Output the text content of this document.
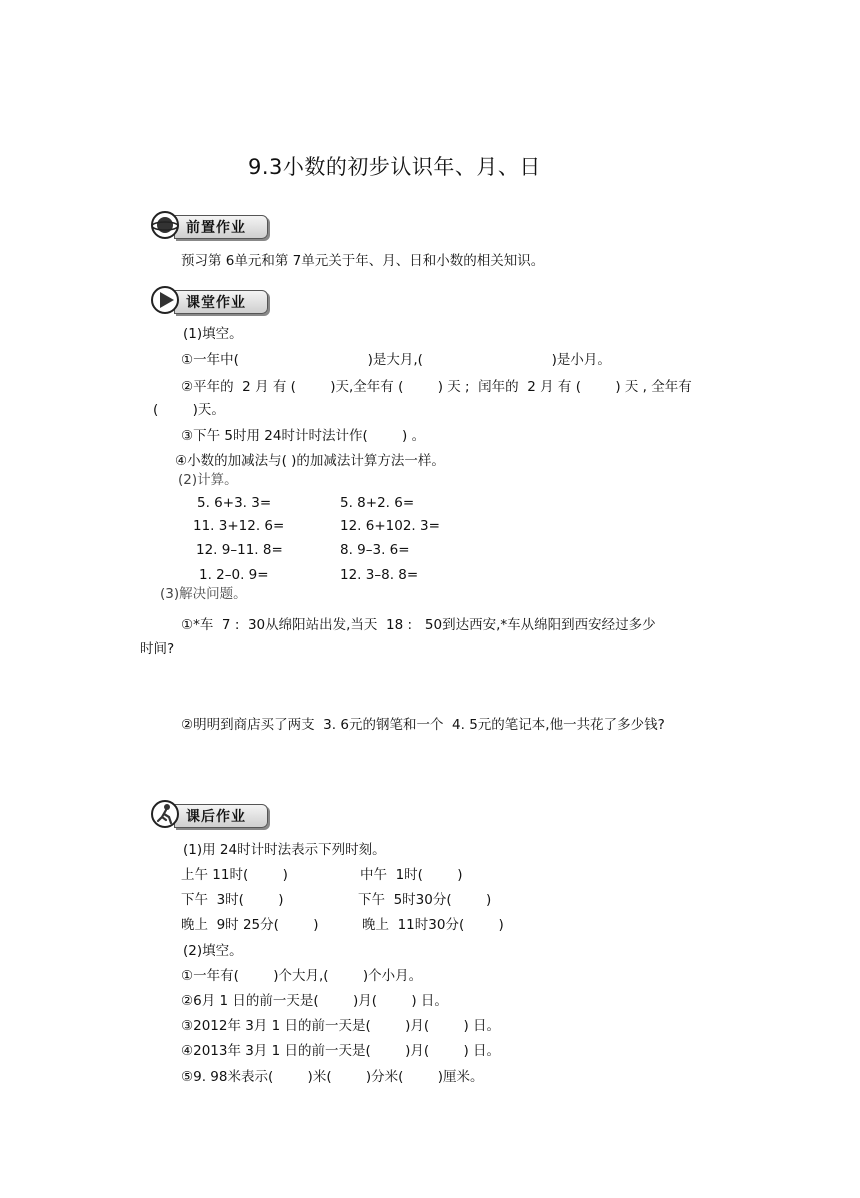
9.3小数的初步认识年、月、日
前置作业
预习第 6单元和第 7单元关于年、月、日和小数的相关知识。
课堂作业
(1)填空。
①一年中(                              )是大月,(                              )是小月。
②平年的  2 月 有 (        )天,全年有 (        ) 天 ;  闰年的  2 月 有 (        ) 天 , 全年有
(        )天。
③下午 5时用 24时计时法计作(        ) 。
④小数的加减法与( )的加减法计算方法一样。
(2)计算。
5. 6+3. 3=
11. 3+12. 6=
12. 9–11. 8=
1. 2–0. 9=
5. 8+2. 6=
12. 6+102. 3=
8. 9–3. 6=
12. 3–8. 8=
(3)解决问题。
①*车  7 :  30从绵阳站出发,当天  18 :   50到达西安,*车从绵阳到西安经过多少
时间?
②明明到商店买了两支  3. 6元的钢笔和一个  4. 5元的笔记本,他一共花了多少钱?
课后作业
(1)用 24时计时法表示下列时刻。
上午 11时(        )
下午  3时(        )
晚上  9时 25分(        )
中午  1时(        )
下午  5时30分(        )
晚上  11时30分(        )
(2)填空。
①一年有(        )个大月,(        )个小月。
②6月 1 日的前一天是(        )月(        ) 日。
③2012年 3月 1 日的前一天是(        )月(        ) 日。
④2013年 3月 1 日的前一天是(        )月(        ) 日。
⑤9. 98米表示(        )米(        )分米(        )厘米。
